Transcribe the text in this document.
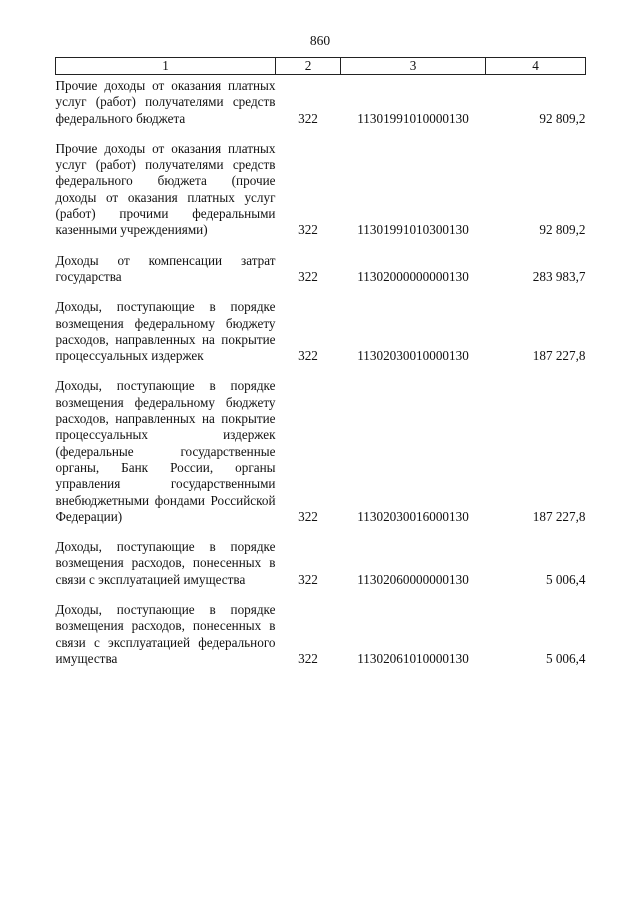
860
1	2	3	4
Прочие доходы от оказания платных услуг (работ) получателями средств федерального бюджета	322	11301991010000130	92 809,2
Прочие доходы от оказания платных услуг (работ) получателями средств федерального бюджета (прочие доходы от оказания платных услуг (работ) прочими федеральными казенными учреждениями)	322	11301991010300130	92 809,2
Доходы от компенсации затрат государства	322	11302000000000130	283 983,7
Доходы, поступающие в порядке возмещения федеральному бюджету расходов, направленных на покрытие процессуальных издержек	322	11302030010000130	187 227,8
Доходы, поступающие в порядке возмещения федеральному бюджету расходов, направленных на покрытие процессуальных издержек (федеральные государственные органы, Банк России, органы управления государственными внебюджетными фондами Российской Федерации)	322	11302030016000130	187 227,8
Доходы, поступающие в порядке возмещения расходов, понесенных в связи с эксплуатацией имущества	322	11302060000000130	5 006,4
Доходы, поступающие в порядке возмещения расходов, понесенных в связи с эксплуатацией федерального имущества	322	11302061010000130	5 006,4
